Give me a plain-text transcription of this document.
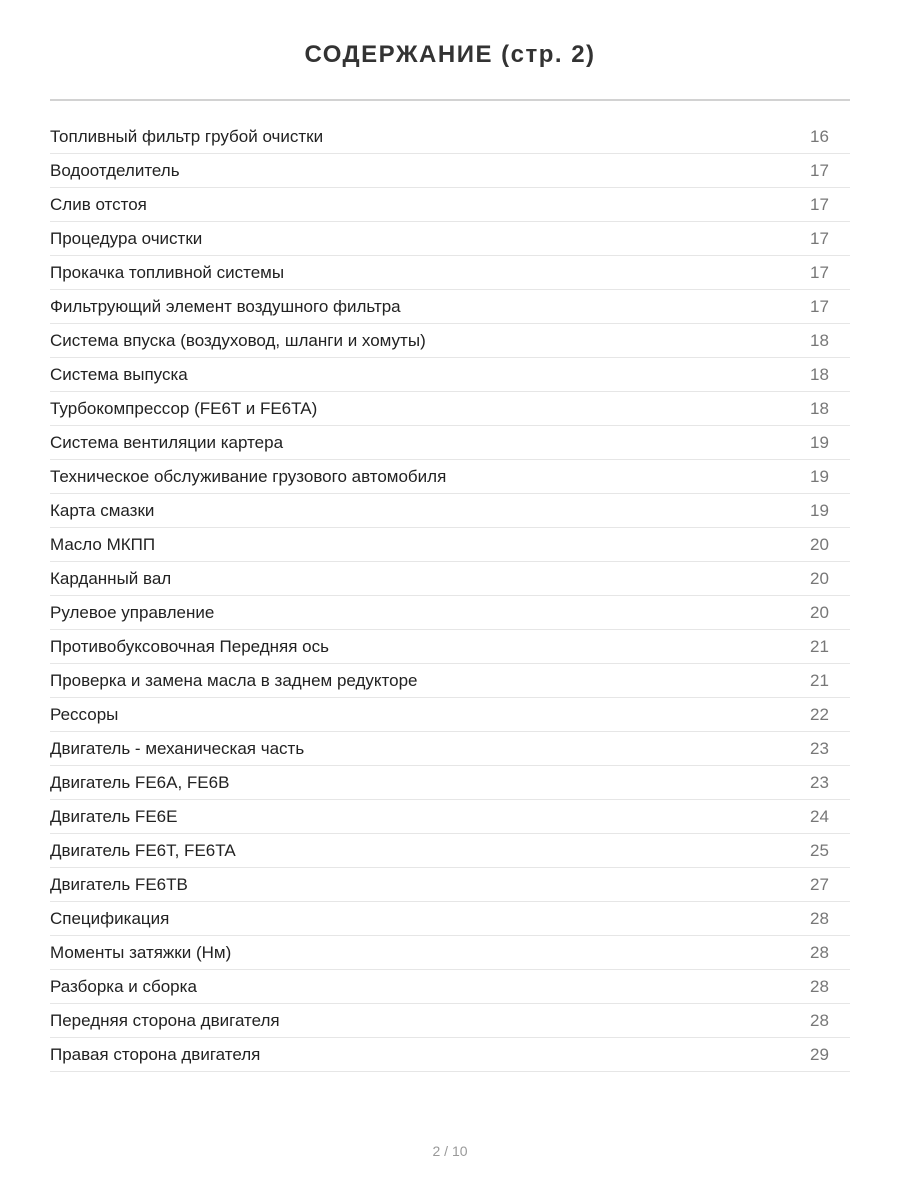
СОДЕРЖАНИЕ (стр. 2)
Топливный фильтр грубой очистки	16
Водоотделитель	17
Слив отстоя	17
Процедура очистки	17
Прокачка топливной системы	17
Фильтрующий элемент воздушного фильтра	17
Система впуска (воздуховод, шланги и хомуты)	18
Система выпуска	18
Турбокомпрессор (FE6T и FE6TA)	18
Система вентиляции картера	19
Техническое обслуживание грузового автомобиля	19
Карта смазки	19
Масло МКПП	20
Карданный вал	20
Рулевое управление	20
Противобуксовочная Передняя ось	21
Проверка и замена масла в заднем редукторе	21
Рессоры	22
Двигатель - механическая часть	23
Двигатель FE6A, FE6B	23
Двигатель FE6E	24
Двигатель FE6T, FE6TA	25
Двигатель FE6TB	27
Спецификация	28
Моменты затяжки (Нм)	28
Разборка и сборка	28
Передняя сторона двигателя	28
Правая сторона двигателя	29
2 / 10
